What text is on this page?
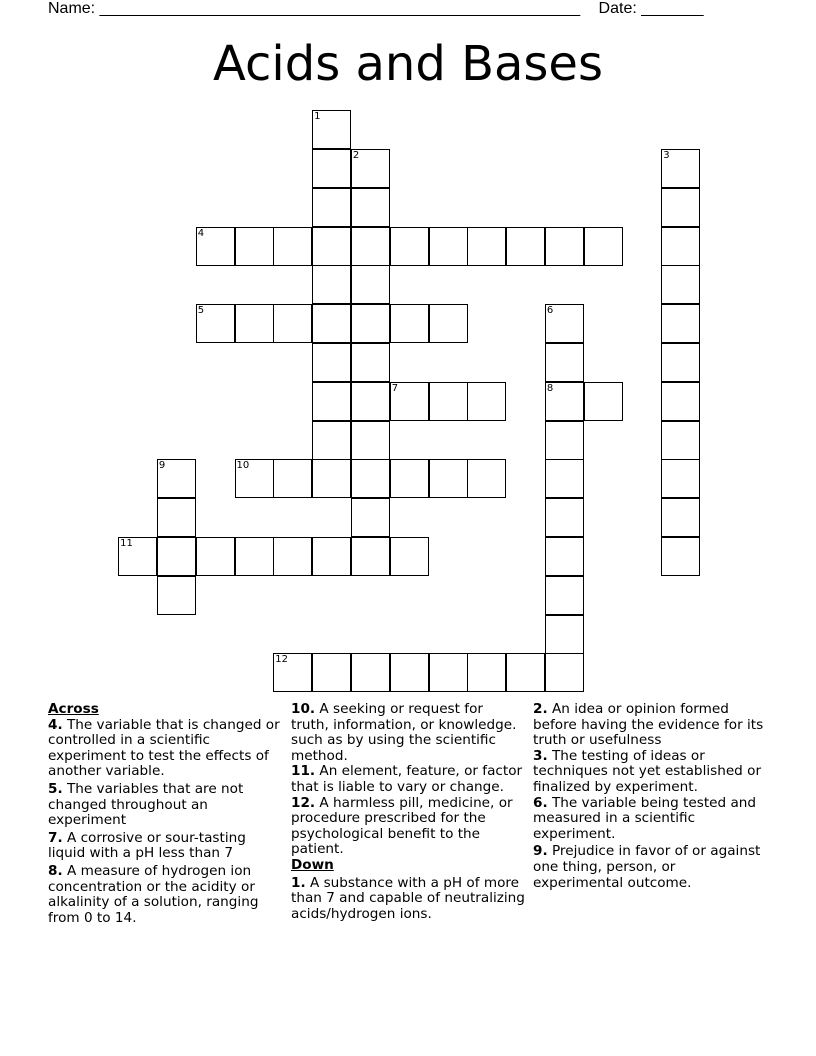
Name: ______________________________________________________ Date: _______
Acids and Bases
1
2	3
4
5	6
7	8
9	10
11
12
Across

4. The variable that is changed or controlled in a scientific experiment to test the effects of another variable.

5. The variables that are not changed throughout an experiment

7. A corrosive or sour-tasting liquid with a pH less than 7

8. A measure of hydrogen ion concentration or the acidity or alkalinity of a solution, ranging from 0 to 14.

10. A seeking or request for truth, information, or knowledge. such as by using the scientific method.

11. An element, feature, or factor that is liable to vary or change.

12. A harmless pill, medicine, or procedure prescribed for the psychological benefit to the patient.

Down

1. A substance with a pH of more than 7 and capable of neutralizing acids/hydrogen ions.

2. An idea or opinion formed before having the evidence for its truth or usefulness

3. The testing of ideas or techniques not yet established or finalized by experiment.

6. The variable being tested and measured in a scientific experiment.

9. Prejudice in favor of or against one thing, person, or experimental outcome.
